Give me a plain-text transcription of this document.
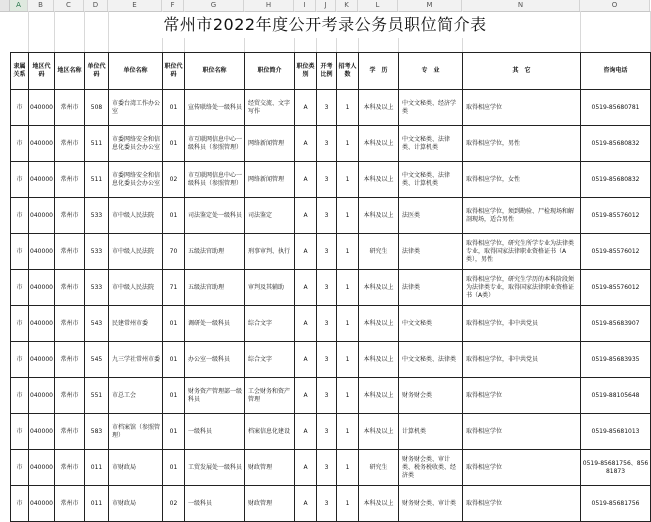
A	B	C	D	E	F	G	H	I	J	K	L	M	N	O
常州市2022年度公开考录公务员职位简介表
隶属关系	地区代码	地区名称	单位代码	单位名称	职位代码	职位名称	职位简介	职位类别	开考比例	招考人数	学　历	专　业	其　它	咨询电话
市	040000	常州市	508	市委台湾工作办公室	01	宣传联络处一级科员	经贸交流、文字写作	A	3	1	本科及以上	中文文秘类、经济学类	取得相应学位	0519-85680781
市	040000	常州市	511	市委网络安全和信息化委员会办公室	01	市互联网信息中心一级科员（参照管理）	网络新闻管理	A	3	1	本科及以上	中文文秘类、法律类、计算机类	取得相应学位，男性	0519-85680832
市	040000	常州市	511	市委网络安全和信息化委员会办公室	02	市互联网信息中心一级科员（参照管理）	网络新闻管理	A	3	1	本科及以上	中文文秘类、法律类、计算机类	取得相应学位，女性	0519-85680832
市	040000	常州市	533	市中级人民法院	01	司法鉴定处一级科员	司法鉴定	A	3	1	本科及以上	法医类	取得相应学位，须到勘验、尸检现场和解剖现场，适合男性	0519-85576012
市	040000	常州市	533	市中级人民法院	70	五级法官助理	刑事审判、执行	A	3	1	研究生	法律类	取得相应学位，研究生所学专业为法律类专业，取得国家法律职业资格证书（A类），男性	0519-85576012
市	040000	常州市	533	市中级人民法院	71	五级法官助理	审判及其辅助	A	3	1	本科及以上	法律类	取得相应学位，研究生学历的本科阶段须为法律类专业，取得国家法律职业资格证书（A类）	0519-85576012
市	040000	常州市	543	民建常州市委	01	调研处一级科员	综合文字	A	3	1	本科及以上	中文文秘类	取得相应学位，非中共党员	0519-85683907
市	040000	常州市	545	九三学社常州市委	01	办公室一级科员	综合文字	A	3	1	本科及以上	中文文秘类、法律类	取得相应学位，非中共党员	0519-85683935
市	040000	常州市	551	市总工会	01	财务资产管理部一级科员	工会财务和资产管理	A	3	1	本科及以上	财务财会类	取得相应学位	0519-88105648
市	040000	常州市	583	市档案馆（参照管理）	01	一级科员	档案信息化建设	A	3	1	本科及以上	计算机类	取得相应学位	0519-85681013
市	040000	常州市	011	市财政局	01	工贸发展处一级科员	财政管理	A	3	1	研究生	财务财会类、审计类、税务税收类、经济类	取得相应学位	0519-85681756、85681873
市	040000	常州市	011	市财政局	02	一级科员	财政管理	A	3	1	本科及以上	财务财会类、审计类	取得相应学位	0519-85681756
